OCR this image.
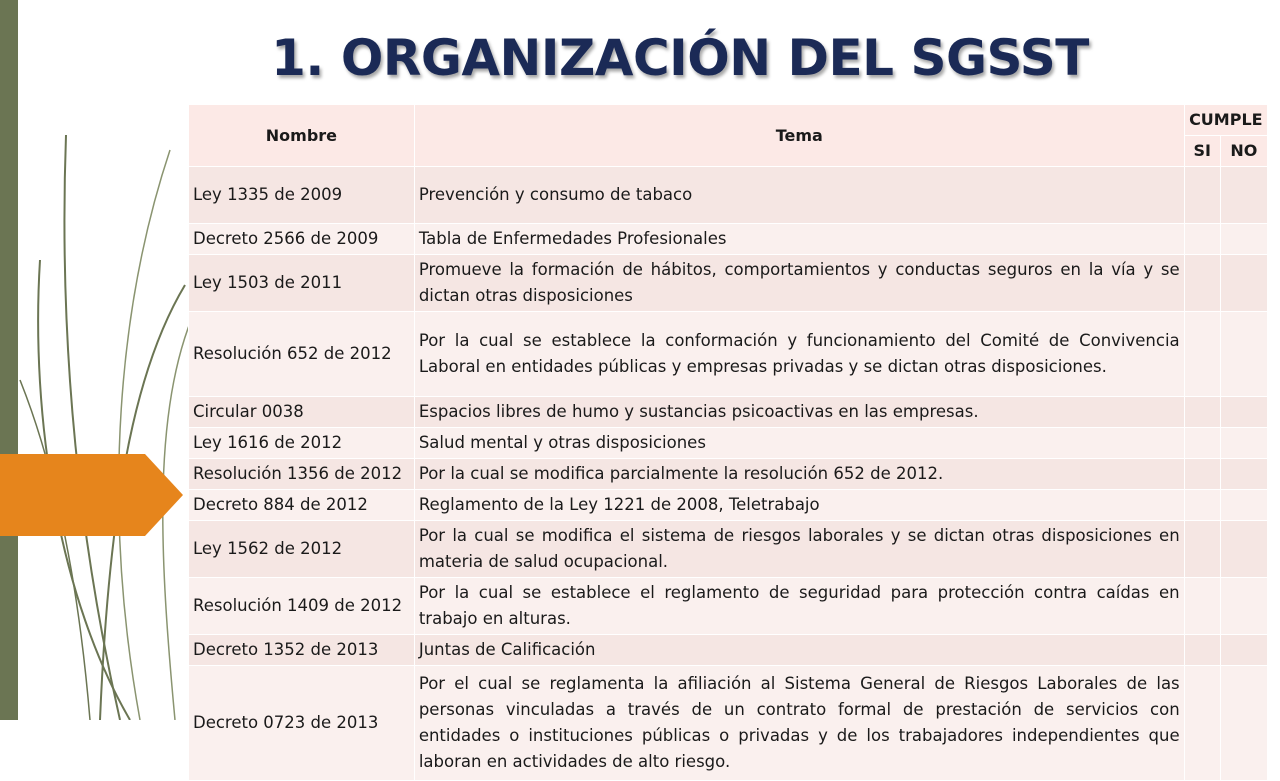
1. ORGANIZACIÓN DEL SGSST
Nombre	Tema	CUMPLE	
		SI	NO
Ley 1335 de 2009	Prevención y consumo de tabaco		
Decreto 2566 de 2009	Tabla de Enfermedades Profesionales		
Ley 1503 de 2011	Promueve la formación de hábitos, comportamientos y conductas seguros en la vía y se dictan otras disposiciones		
Resolución 652 de 2012	Por la cual se establece la conformación y funcionamiento del Comité de Convivencia Laboral en entidades públicas y empresas privadas y se dictan otras disposiciones.		
Circular 0038	Espacios libres de humo y sustancias psicoactivas en las empresas.		
Ley 1616 de 2012	Salud mental y otras disposiciones		
Resolución 1356 de 2012	Por la cual se modifica parcialmente la resolución 652 de 2012.		
Decreto 884 de 2012	Reglamento de la Ley 1221 de 2008, Teletrabajo		
Ley 1562 de 2012	Por la cual se modifica el sistema de riesgos laborales y se dictan otras disposiciones en materia de salud ocupacional.		
Resolución 1409 de 2012	Por la cual se establece el reglamento de seguridad para protección contra caídas en trabajo en alturas.		
Decreto 1352 de 2013	Juntas de Calificación		
Decreto 0723 de 2013	Por el cual se reglamenta la afiliación al Sistema General de Riesgos Laborales de las personas vinculadas a través de un contrato formal de prestación de servicios con entidades o instituciones públicas o privadas y de los trabajadores independientes que laboran en actividades de alto riesgo.		
